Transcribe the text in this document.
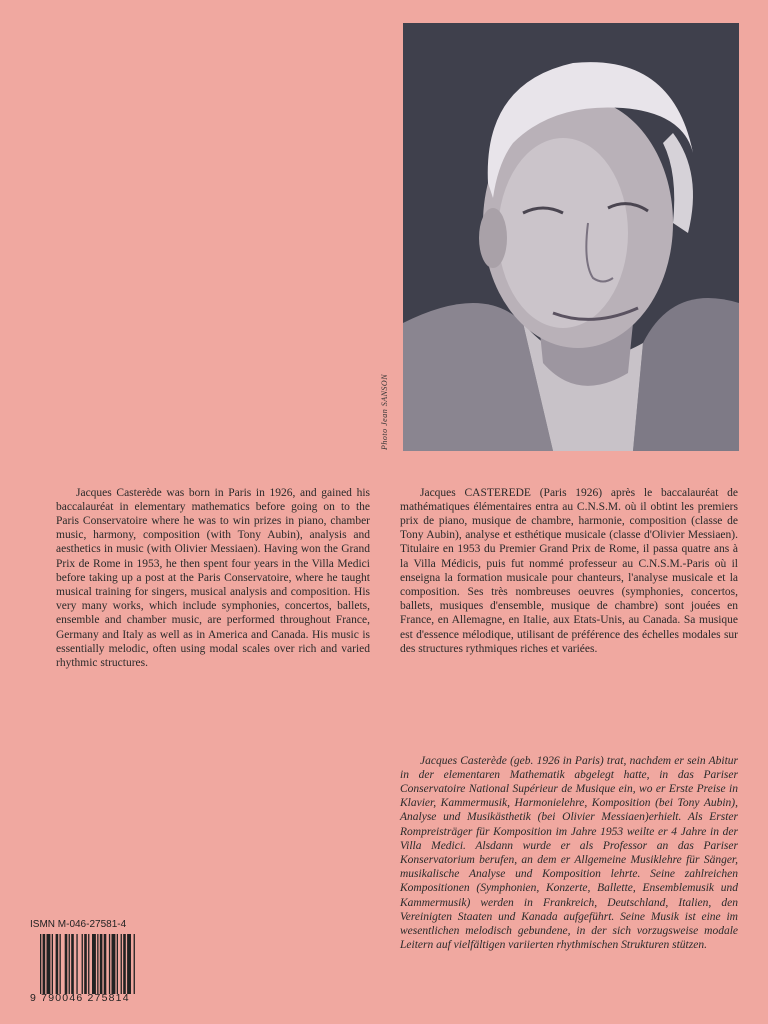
Photo Jean SANSON

Jacques Casterède was born in Paris in 1926, and gained his baccalauréat in elementary mathematics before going on to the Paris Conservatoire where he was to win prizes in piano, chamber music, harmony, composition (with Tony Aubin), analysis and aesthetics in music (with Olivier Messiaen). Having won the Grand Prix de Rome in 1953, he then spent four years in the Villa Medici before taking up a post at the Paris Conservatoire, where he taught musical training for singers, musical analysis and composition. His very many works, which include symphonies, concertos, ballets, ensemble and chamber music, are performed throughout France, Germany and Italy as well as in America and Canada. His music is essentially melodic, often using modal scales over rich and varied rhythmic structures.

Jacques CASTEREDE (Paris 1926) après le baccalauréat de mathématiques élémentaires entra au C.N.S.M. où il obtint les premiers prix de piano, musique de chambre, harmonie, composition (classe de Tony Aubin), analyse et esthétique musicale (classe d'Olivier Messiaen). Titulaire en 1953 du Premier Grand Prix de Rome, il passa quatre ans à la Villa Médicis, puis fut nommé professeur au C.N.S.M.-Paris où il enseigna la formation musicale pour chanteurs, l'analyse musicale et la composition. Ses très nombreuses oeuvres (symphonies, concertos, ballets, musiques d'ensemble, musique de chambre) sont jouées en France, en Allemagne, en Italie, aux Etats-Unis, au Canada. Sa musique est d'essence mélodique, utilisant de préférence des échelles modales sur des structures rythmiques riches et variées.

Jacques Casterède (geb. 1926 in Paris) trat, nachdem er sein Abitur in der elementaren Mathematik abgelegt hatte, in das Pariser Conservatoire National Supérieur de Musique ein, wo er Erste Preise in Klavier, Kammermusik, Harmonielehre, Komposition (bei Tony Aubin), Analyse und Musikästhetik (bei Olivier Messiaen)erhielt. Als Erster Rompreisträger für Komposition im Jahre 1953 weilte er 4 Jahre in der Villa Medici. Alsdann wurde er als Professor an das Pariser Konservatorium berufen, an dem er Allgemeine Musiklehre für Sänger, musikalische Analyse und Komposition lehrte. Seine zahlreichen Kompositionen (Symphonien, Konzerte, Ballette, Ensemblemusik und Kammermusik) werden in Frankreich, Deutschland, Italien, den Vereinigten Staaten und Kanada aufgeführt. Seine Musik ist eine im wesentlichen melodisch gebundene, in der sich vorzugsweise modale Leitern auf vielfältigen variierten rhythmischen Strukturen stützen.

ISMN M-046-27581-4
9 790046 275814
